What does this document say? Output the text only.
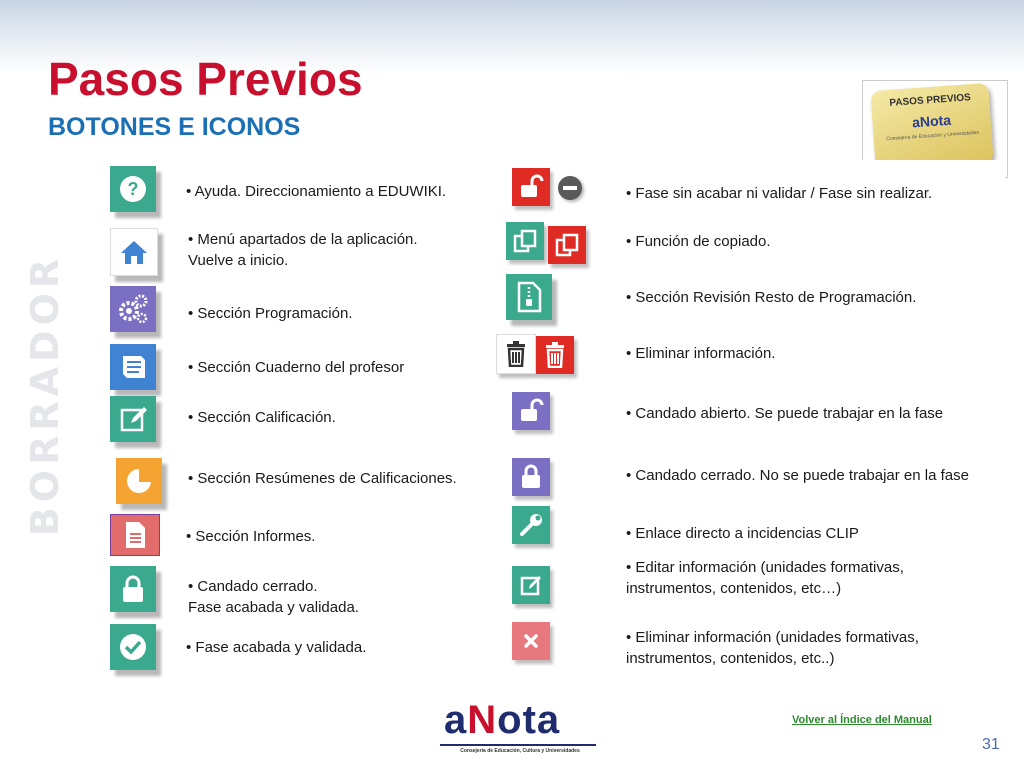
Pasos Previos
BOTONES E ICONOS
BORRADOR
PASOS PREVIOS
aNota
Consejería de Educación y Universidades
?	• Ayuda. Direccionamiento a EDUWIKI.
• Menú apartados de la aplicación.
Vuelve a inicio.
• Sección Programación.
• Sección Cuaderno del profesor
• Sección Calificación.
• Sección Resúmenes de Calificaciones.
• Sección Informes.
• Candado cerrado.
Fase acabada y validada.
• Fase acabada y validada.
• Fase sin acabar ni validar / Fase sin realizar.
• Función de copiado.
• Sección Revisión Resto de Programación.
• Eliminar información.
• Candado abierto. Se puede trabajar en la fase
• Candado cerrado. No se puede trabajar en la fase
• Enlace directo a incidencias CLIP
• Editar información (unidades formativas,
instrumentos, contenidos, etc…)
• Eliminar información (unidades formativas,
instrumentos, contenidos, etc..)
aNota
Consejería de Educación, Cultura y Universidades
Volver al Índice del Manual
31
